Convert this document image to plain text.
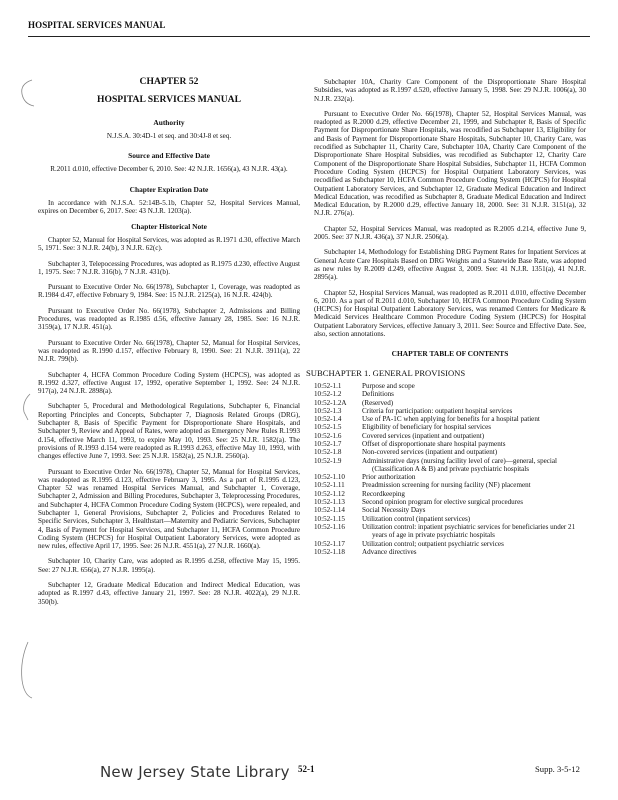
HOSPITAL SERVICES MANUAL
CHAPTER 52
HOSPITAL SERVICES MANUAL
Authority
N.J.S.A. 30:4D-1 et seq. and 30:4J-8 et seq.
Source and Effective Date
R.2011 d.010, effective December 6, 2010. See: 42 N.J.R. 1656(a), 43 N.J.R. 43(a).
Chapter Expiration Date
In accordance with N.J.S.A. 52:14B-5.1b, Chapter 52, Hospital Services Manual, expires on December 6, 2017. See: 43 N.J.R. 1203(a).
Chapter Historical Note
Chapter 52, Manual for Hospital Services, was adopted as R.1971 d.30, effective March 5, 1971. See: 3 N.J.R. 24(b), 3 N.J.R. 62(c).
Subchapter 3, Telepocessing Procedures, was adopted as R.1975 d.230, effective August 1, 1975. See: 7 N.J.R. 316(b), 7 N.J.R. 431(b).
Pursuant to Executive Order No. 66(1978), Subchapter 1, Coverage, was readopted as R.1984 d.47, effective February 9, 1984. See: 15 N.J.R. 2125(a), 16 N.J.R. 424(b).
Pursuant to Executive Order No. 66(1978), Subchapter 2, Admissions and Billing Procedures, was readopted as R.1985 d.56, effective January 28, 1985. See: 16 N.J.R. 3159(a), 17 N.J.R. 451(a).
Pursuant to Executive Order No. 66(1978), Chapter 52, Manual for Hospital Services, was readopted as R.1990 d.157, effective February 8, 1990. See: 21 N.J.R. 3911(a), 22 N.J.R. 799(b).
Subchapter 4, HCFA Common Procedure Coding System (HCPCS), was adopted as R.1992 d.327, effective August 17, 1992, operative September 1, 1992. See: 24 N.J.R. 917(a), 24 N.J.R. 2898(a).
Subchapter 5, Procedural and Methodological Regulations, Subchapter 6, Financial Reporting Principles and Concepts, Subchapter 7, Diagnosis Related Groups (DRG), Subchapter 8, Basis of Specific Payment for Disproportionate Share Hospitals, and Subchapter 9, Review and Appeal of Rates, were adopted as Emergency New Rules R.1993 d.154, effective March 11, 1993, to expire May 10, 1993. See: 25 N.J.R. 1582(a). The provisions of R.1993 d.154 were readopted as R.1993 d.263, effective May 10, 1993, with changes effective June 7, 1993. See: 25 N.J.R. 1582(a), 25 N.J.R. 2560(a).
Pursuant to Executive Order No. 66(1978), Chapter 52, Manual for Hospital Services, was readopted as R.1995 d.123, effective February 3, 1995. As a part of R.1995 d.123, Chapter 52 was renamed Hospital Services Manual, and Subchapter 1, Coverage, Subchapter 2, Admission and Billing Procedures, Subchapter 3, Teleprocessing Procedures, and Subchapter 4, HCFA Common Procedure Coding System (HCPCS), were repealed, and Subchapter 1, General Provisions, Subchapter 2, Policies and Procedures Related to Specific Services, Subchapter 3, Healthstart—Maternity and Pediatric Services, Subchapter 4, Basis of Payment for Hospital Services, and Subchapter 11, HCFA Common Procedure Coding System (HCPCS) for Hospital Outpatient Laboratory Services, were adopted as new rules, effective April 17, 1995. See: 26 N.J.R. 4551(a), 27 N.J.R. 1660(a).
Subchapter 10, Charity Care, was adopted as R.1995 d.258, effective May 15, 1995. See: 27 N.J.R. 656(a), 27 N.J.R. 1995(a).
Subchapter 12, Graduate Medical Education and Indirect Medical Education, was adopted as R.1997 d.43, effective January 21, 1997. See: 28 N.J.R. 4022(a), 29 N.J.R. 350(b).
Subchapter 10A, Charity Care Component of the Disproportionate Share Hospital Subsidies, was adopted as R.1997 d.520, effective January 5, 1998. See: 29 N.J.R. 1006(a), 30 N.J.R. 232(a).
Pursuant to Executive Order No. 66(1978), Chapter 52, Hospital Services Manual, was readopted as R.2000 d.29, effective December 21, 1999, and Subchapter 8, Basis of Specific Payment for Disproportionate Share Hospitals, was recodified as Subchapter 13, Eligibility for and Basis of Payment for Disproportionate Share Hospitals, Subchapter 10, Charity Care, was recodified as Subchapter 11, Charity Care, Subchapter 10A, Charity Care Component of the Disproportionate Share Hospital Subsidies, was recodified as Subchapter 12, Charity Care Component of the Disproportionate Share Hospital Subsidies, Subchapter 11, HCFA Common Procedure Coding System (HCPCS) for Hospital Outpatient Laboratory Services, was recodified as Subchapter 10, HCFA Common Procedure Coding System (HCPCS) for Hospital Outpatient Laboratory Services, and Subchapter 12, Graduate Medical Education and Indirect Medical Education, was recodified as Subchapter 8, Graduate Medical Education and Indirect Medical Education, by R.2000 d.29, effective January 18, 2000. See: 31 N.J.R. 3151(a), 32 N.J.R. 276(a).
Chapter 52, Hospital Services Manual, was readopted as R.2005 d.214, effective June 9, 2005. See: 37 N.J.R. 436(a), 37 N.J.R. 2506(a).
Subchapter 14, Methodology for Establishing DRG Payment Rates for Inpatient Services at General Acute Care Hospitals Based on DRG Weights and a Statewide Base Rate, was adopted as new rules by R.2009 d.249, effective August 3, 2009. See: 41 N.J.R. 1351(a), 41 N.J.R. 2895(a).
Chapter 52, Hospital Services Manual, was readopted as R.2011 d.010, effective December 6, 2010. As a part of R.2011 d.010, Subchapter 10, HCFA Common Procedure Coding System (HCPCS) for Hospital Outpatient Laboratory Services, was renamed Centers for Medicare & Medicaid Services Healthcare Common Procedure Coding System (HCPCS) for Hospital Outpatient Laboratory Services, effective January 3, 2011. See: Source and Effective Date. See, also, section annotations.
CHAPTER TABLE OF CONTENTS
SUBCHAPTER 1. GENERAL PROVISIONS
10:52-1.1	Purpose and scope
10:52-1.2	Definitions
10:52-1.2A	(Reserved)
10:52-1.3	Criteria for participation: outpatient hospital services
10:52-1.4	Use of PA-1C when applying for benefits for a hospital patient
10:52-1.5	Eligibility of beneficiary for hospital services
10:52-1.6	Covered services (inpatient and outpatient)
10:52-1.7	Offset of disproportionate share hospital payments
10:52-1.8	Non-covered services (inpatient and outpatient)
10:52-1.9	Administrative days (nursing facility level of care)—general, special (Classification A & B) and private psychiatric hospitals
10:52-1.10	Prior authorization
10:52-1.11	Preadmission screening for nursing facility (NF) placement
10:52-1.12	Recordkeeping
10:52-1.13	Second opinion program for elective surgical procedures
10:52-1.14	Social Necessity Days
10:52-1.15	Utilization control (inpatient services)
10:52-1.16	Utilization control: inpatient psychiatric services for beneficiaries under 21 years of age in private psychiatric hospitals
10:52-1.17	Utilization control; outpatient psychiatric services
10:52-1.18	Advance directives
New Jersey State Library 52-1	Supp. 3-5-12
